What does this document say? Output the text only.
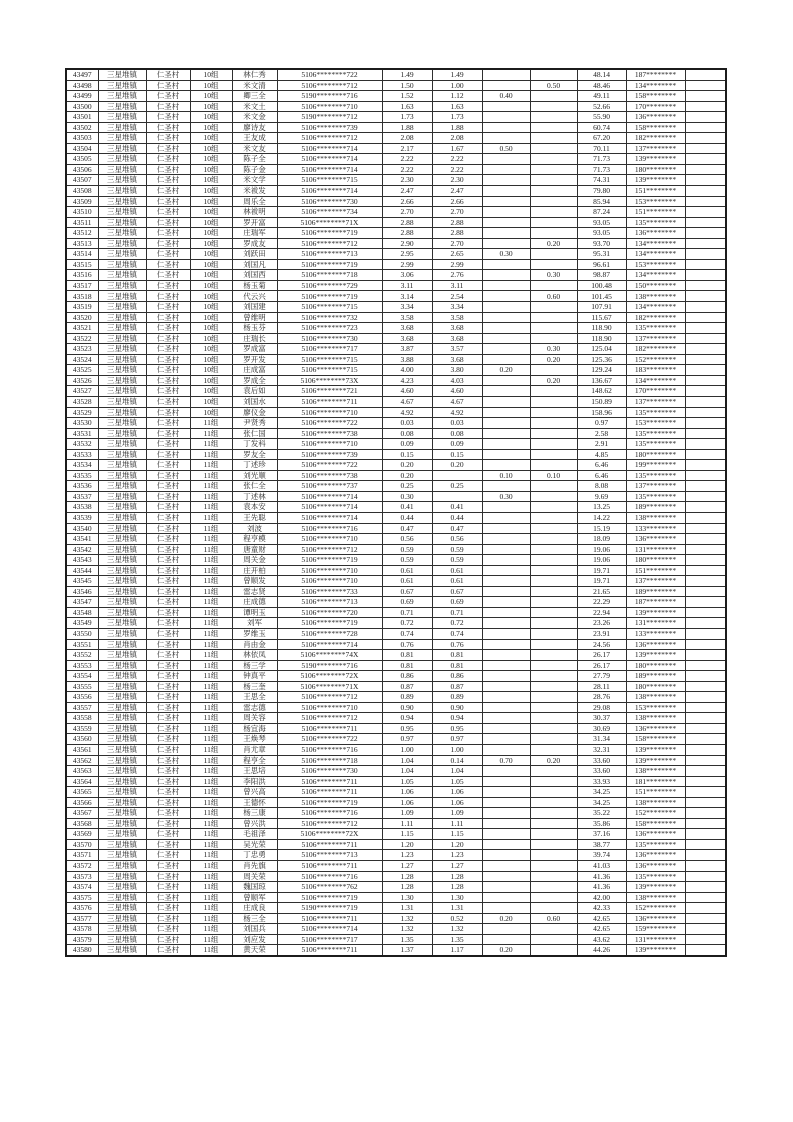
43497	三星堆镇	仁圣村	10组	林仁秀	5106********722	1.49	1.49			48.14	187********	
43498	三星堆镇	仁圣村	10组	米文清	5106********712	1.50	1.00		0.50	48.46	134********	
43499	三星堆镇	仁圣村	10组	卿三全	5190********716	1.52	1.12	0.40		49.11	158********	
43500	三星堆镇	仁圣村	10组	米文土	5106********710	1.63	1.63			52.66	170********	
43501	三星堆镇	仁圣村	10组	米文金	5190********712	1.73	1.73			55.90	136********	
43502	三星堆镇	仁圣村	10组	廖诗友	5106********739	1.88	1.88			60.74	158********	
43503	三星堆镇	仁圣村	10组	王友成	5106********712	2.08	2.08			67.20	182********	
43504	三星堆镇	仁圣村	10组	米文友	5106********714	2.17	1.67	0.50		70.11	137********	
43505	三星堆镇	仁圣村	10组	陈子全	5106********714	2.22	2.22			71.73	139********	
43506	三星堆镇	仁圣村	10组	陈子金	5106********714	2.22	2.22			71.73	180********	
43507	三星堆镇	仁圣村	10组	米文学	5106********715	2.30	2.30			74.31	139********	
43508	三星堆镇	仁圣村	10组	米袚发	5106********714	2.47	2.47			79.80	151********	
43509	三星堆镇	仁圣村	10组	周乐全	5106********730	2.66	2.66			85.94	153********	
43510	三星堆镇	仁圣村	10组	林袚明	5106********734	2.70	2.70			87.24	151********	
43511	三星堆镇	仁圣村	10组	罗开富	5106********71X	2.88	2.88			93.05	135********	
43512	三星堆镇	仁圣村	10组	庄瑞军	5106********719	2.88	2.88			93.05	136********	
43513	三星堆镇	仁圣村	10组	罗成友	5106********712	2.90	2.70		0.20	93.70	134********	
43514	三星堆镇	仁圣村	10组	刘跃田	5106********713	2.95	2.65	0.30		95.31	134********	
43515	三星堆镇	仁圣村	10组	刘国凡	5106********719	2.99	2.99			96.61	153********	
43516	三星堆镇	仁圣村	10组	刘国西	5106********718	3.06	2.76		0.30	98.87	134********	
43517	三星堆镇	仁圣村	10组	杨玉菊	5106********729	3.11	3.11			100.48	150********	
43518	三星堆镇	仁圣村	10组	代云兴	5106********719	3.14	2.54		0.60	101.45	138********	
43519	三星堆镇	仁圣村	10组	刘国建	5106********715	3.34	3.34			107.91	134********	
43520	三星堆镇	仁圣村	10组	曾维明	5106********732	3.58	3.58			115.67	182********	
43521	三星堆镇	仁圣村	10组	杨玉芬	5106********723	3.68	3.68			118.90	135********	
43522	三星堆镇	仁圣村	10组	庄瑞长	5106********730	3.68	3.68			118.90	137********	
43523	三星堆镇	仁圣村	10组	罗成富	5106********717	3.87	3.57		0.30	125.04	182********	
43524	三星堆镇	仁圣村	10组	罗开发	5106********715	3.88	3.68		0.20	125.36	152********	
43525	三星堆镇	仁圣村	10组	庄成富	5106********715	4.00	3.80	0.20		129.24	183********	
43526	三星堆镇	仁圣村	10组	罗成全	5106********73X	4.23	4.03		0.20	136.67	134********	
43527	三星堆镇	仁圣村	10组	袁后如	5106********721	4.60	4.60			148.62	170********	
43528	三星堆镇	仁圣村	10组	刘国水	5106********711	4.67	4.67			150.89	137********	
43529	三星堆镇	仁圣村	10组	廖仪金	5106********710	4.92	4.92			158.96	135********	
43530	三星堆镇	仁圣村	11组	尹贤秀	5106********722	0.03	0.03			0.97	153********	
43531	三星堆镇	仁圣村	11组	张仁国	5106********738	0.08	0.08			2.58	135********	
43532	三星堆镇	仁圣村	11组	丁发科	5106********710	0.09	0.09			2.91	135********	
43533	三星堆镇	仁圣村	11组	罗友全	5106********739	0.15	0.15			4.85	180********	
43534	三星堆镇	仁圣村	11组	丁述珍	5106********722	0.20	0.20			6.46	199********	
43535	三星堆镇	仁圣村	11组	刘光顺	5106********738	0.20		0.10	0.10	6.46	135********	
43536	三星堆镇	仁圣村	11组	张仁全	5106********737	0.25	0.25			8.08	137********	
43537	三星堆镇	仁圣村	11组	丁述林	5106********714	0.30		0.30		9.69	135********	
43538	三星堆镇	仁圣村	11组	袁本安	5106********714	0.41	0.41			13.25	189********	
43539	三星堆镇	仁圣村	11组	王先聪	5106********714	0.44	0.44			14.22	138********	
43540	三星堆镇	仁圣村	11组	刘波	5106********716	0.47	0.47			15.19	133********	
43541	三星堆镇	仁圣村	11组	程亨模	5106********710	0.56	0.56			18.09	136********	
43542	三星堆镇	仁圣村	11组	唐童财	5106********712	0.59	0.59			19.06	131********	
43543	三星堆镇	仁圣村	11组	周关金	5106********719	0.59	0.59			19.06	180********	
43544	三星堆镇	仁圣村	11组	庄开柏	5106********710	0.61	0.61			19.71	151********	
43545	三星堆镇	仁圣村	11组	曾顺发	5106********710	0.61	0.61			19.71	137********	
43546	三星堆镇	仁圣村	11组	雷志贤	5106********733	0.67	0.67			21.65	189********	
43547	三星堆镇	仁圣村	11组	庄成德	5106********713	0.69	0.69			22.29	187********	
43548	三星堆镇	仁圣村	11组	谭明玉	5106********720	0.71	0.71			22.94	139********	
43549	三星堆镇	仁圣村	11组	刘军	5106********719	0.72	0.72			23.26	131********	
43550	三星堆镇	仁圣村	11组	罗维玉	5106********728	0.74	0.74			23.91	133********	
43551	三星堆镇	仁圣村	11组	肖由金	5106********714	0.76	0.76			24.56	136********	
43552	三星堆镇	仁圣村	11组	林依凤	5106********74X	0.81	0.81			26.17	139********	
43553	三星堆镇	仁圣村	11组	杨三学	5190********716	0.81	0.81			26.17	180********	
43554	三星堆镇	仁圣村	11组	钟真平	5106********72X	0.86	0.86			27.79	189********	
43555	三星堆镇	仁圣村	11组	杨三奎	5106********71X	0.87	0.87			28.11	180********	
43556	三星堆镇	仁圣村	11组	王思全	5106********712	0.89	0.89			28.76	138********	
43557	三星堆镇	仁圣村	11组	雷志德	5106********710	0.90	0.90			29.08	153********	
43558	三星堆镇	仁圣村	11组	周关容	5106********712	0.94	0.94			30.37	138********	
43559	三星堆镇	仁圣村	11组	杨宜海	5106********711	0.95	0.95			30.69	136********	
43560	三星堆镇	仁圣村	11组	王焕琴	5106********722	0.97	0.97			31.34	158********	
43561	三星堆镇	仁圣村	11组	肖尤章	5106********716	1.00	1.00			32.31	139********	
43562	三星堆镇	仁圣村	11组	程亨全	5106********718	1.04	0.14	0.70	0.20	33.60	139********	
43563	三星堆镇	仁圣村	11组	王思培	5106********730	1.04	1.04			33.60	138********	
43564	三星堆镇	仁圣村	11组	李阳洪	5106********711	1.05	1.05			33.93	181********	
43565	三星堆镇	仁圣村	11组	曾兴高	5106********711	1.06	1.06			34.25	151********	
43566	三星堆镇	仁圣村	11组	王德怀	5106********719	1.06	1.06			34.25	138********	
43567	三星堆镇	仁圣村	11组	杨三康	5106********716	1.09	1.09			35.22	152********	
43568	三星堆镇	仁圣村	11组	曾兴洪	5106********712	1.11	1.11			35.86	158********	
43569	三星堆镇	仁圣村	11组	毛祖泽	5106********72X	1.15	1.15			37.16	136********	
43570	三星堆镇	仁圣村	11组	吴光荣	5106********711	1.20	1.20			38.77	135********	
43571	三星堆镇	仁圣村	11组	丁忠勇	5106********713	1.23	1.23			39.74	136********	
43572	三星堆镇	仁圣村	11组	肖先旗	5106********711	1.27	1.27			41.03	136********	
43573	三星堆镇	仁圣村	11组	周关荣	5106********716	1.28	1.28			41.36	135********	
43574	三星堆镇	仁圣村	11组	魏国琼	5106********762	1.28	1.28			41.36	139********	
43575	三星堆镇	仁圣村	11组	曾顺军	5106********719	1.30	1.30			42.00	138********	
43576	三星堆镇	仁圣村	11组	庄成良	5190********719	1.31	1.31			42.33	152********	
43577	三星堆镇	仁圣村	11组	杨三全	5106********711	1.32	0.52	0.20	0.60	42.65	136********	
43578	三星堆镇	仁圣村	11组	刘国兵	5106********714	1.32	1.32			42.65	159********	
43579	三星堆镇	仁圣村	11组	刘应发	5106********717	1.35	1.35			43.62	131********	
43580	三星堆镇	仁圣村	11组	黄天荣	5106********711	1.37	1.17	0.20		44.26	139********	
